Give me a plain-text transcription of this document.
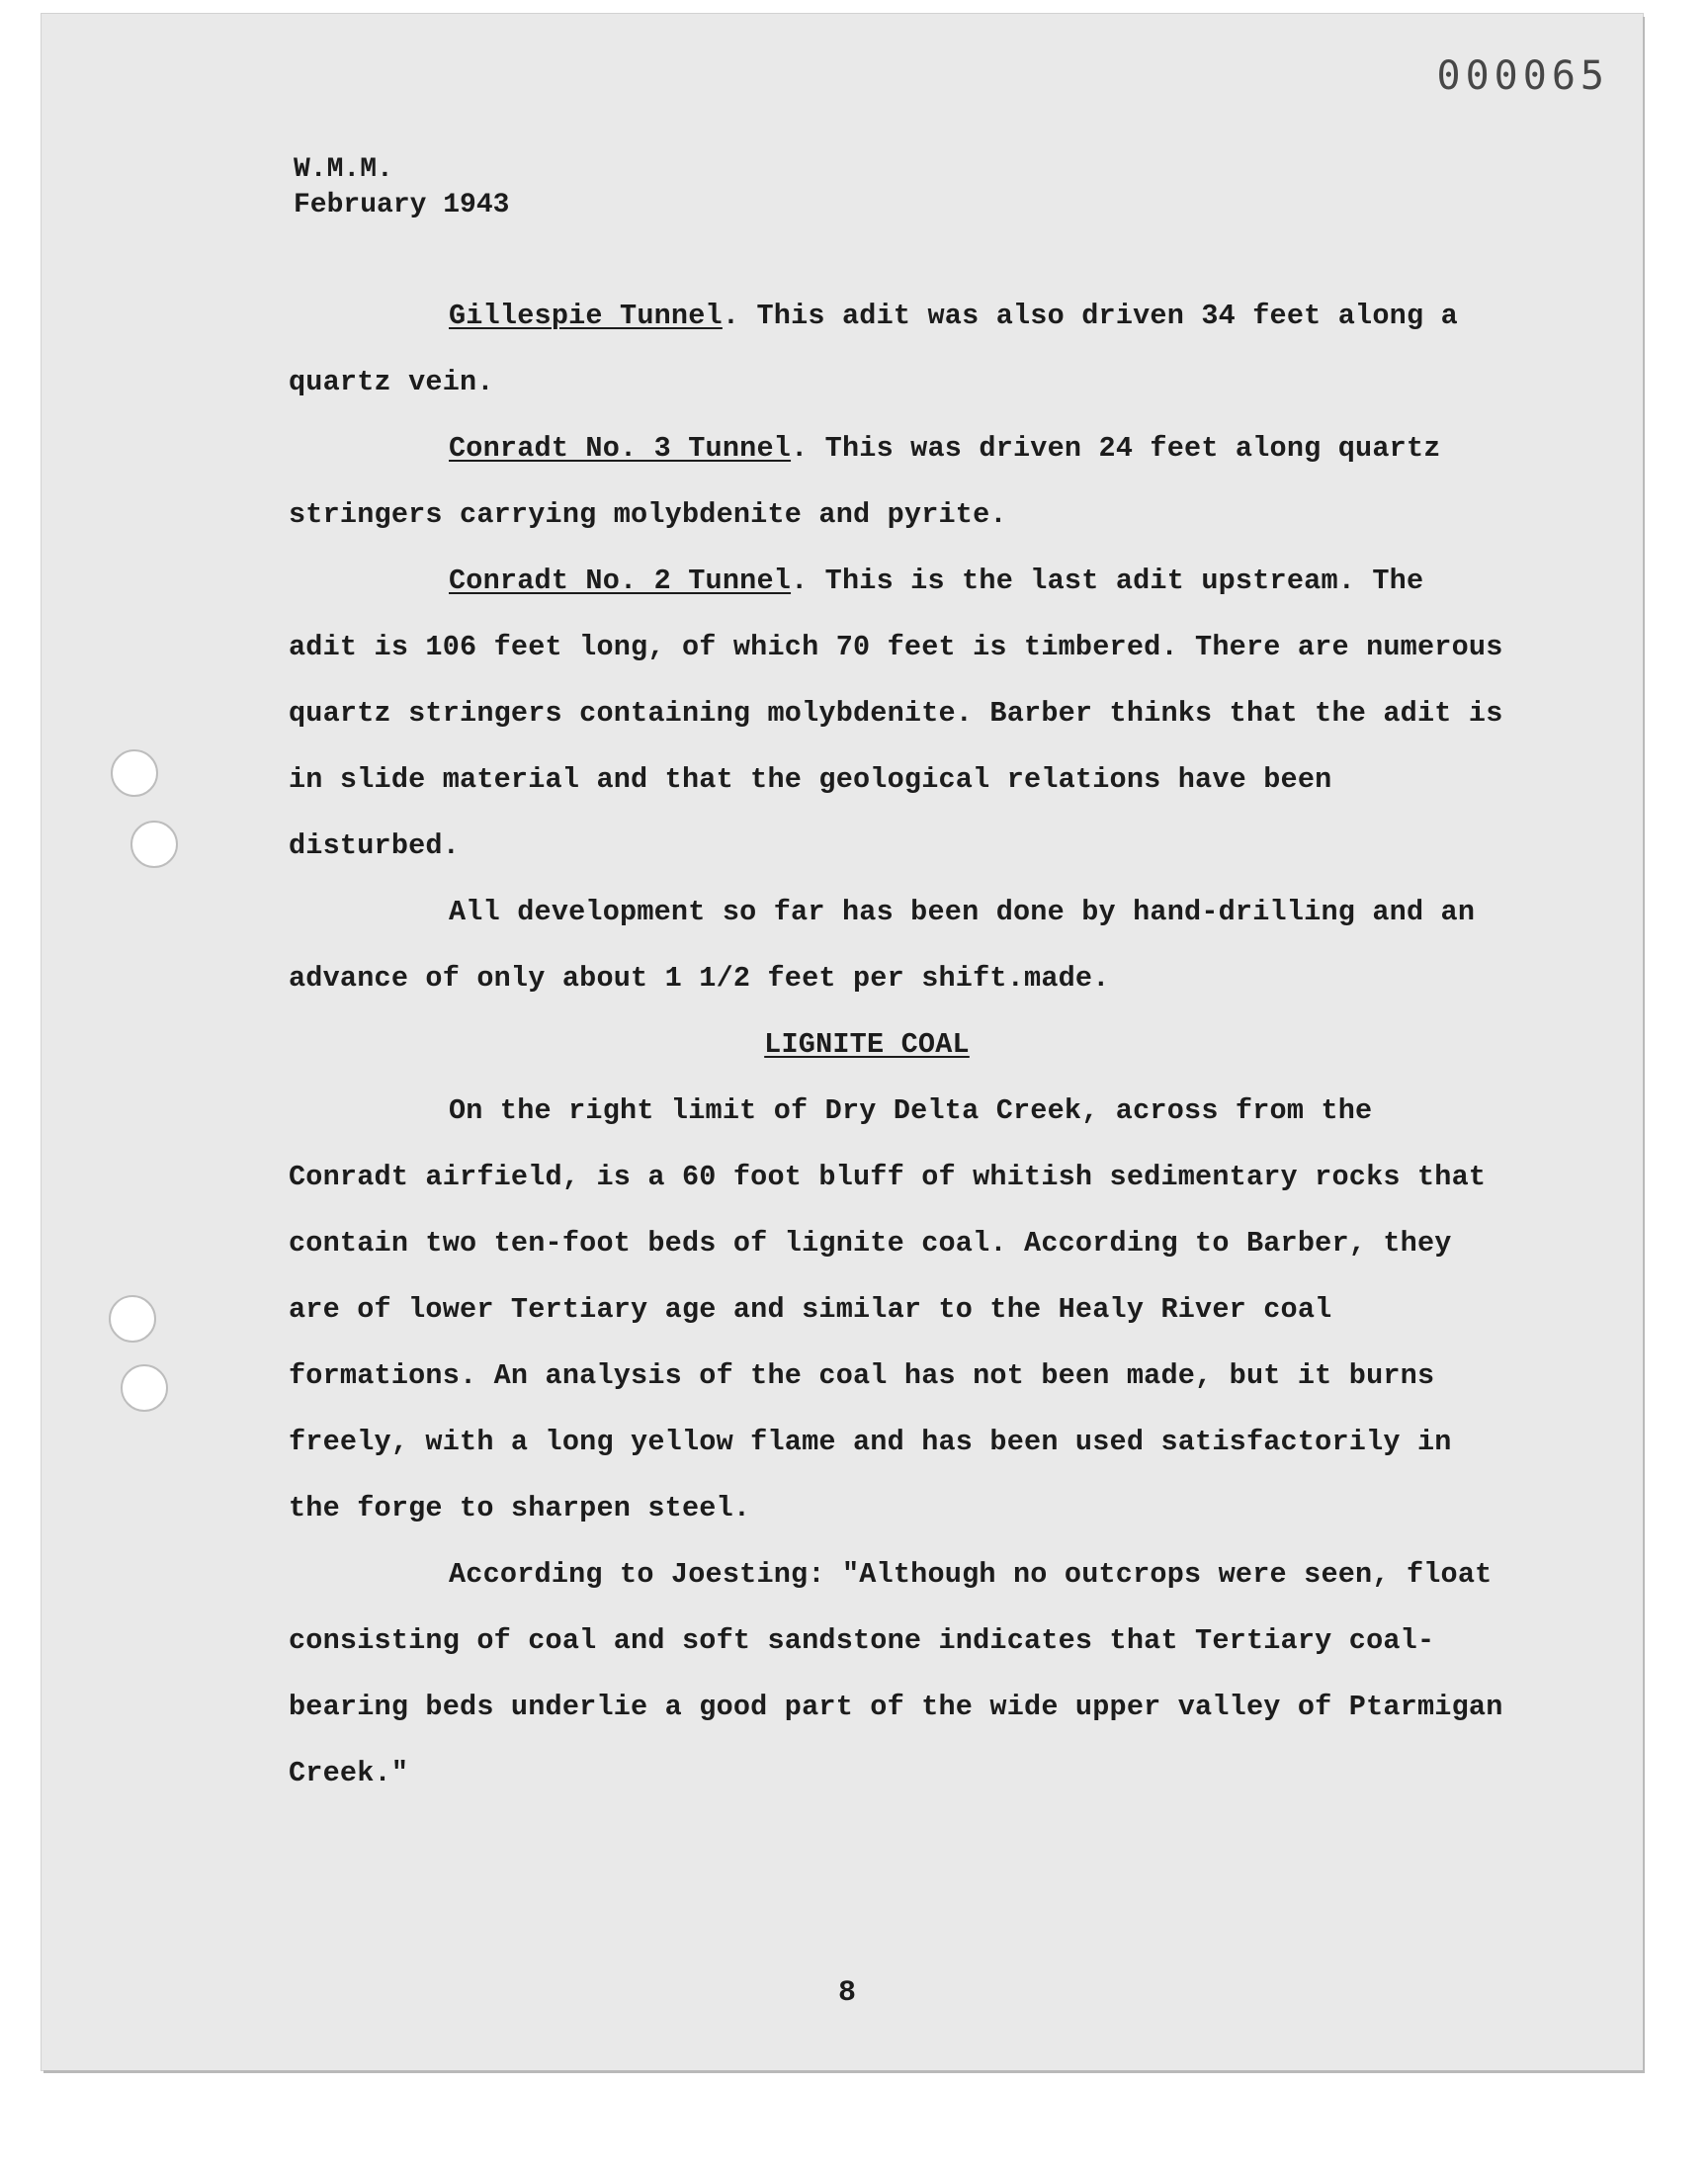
000065
W.M.M.
February 1943

Gillespie Tunnel. This adit was also driven 34 feet along a quartz vein.

Conradt No. 3 Tunnel. This was driven 24 feet along quartz stringers carrying molybdenite and pyrite.

Conradt No. 2 Tunnel. This is the last adit upstream. The adit is 106 feet long, of which 70 feet is timbered. There are numerous quartz stringers containing molybdenite. Barber thinks that the adit is in slide material and that the geological relations have been disturbed.

All development so far has been done by hand-drilling and an advance of only about 1 1/2 feet per shift.made.

LIGNITE COAL

On the right limit of Dry Delta Creek, across from the Conradt airfield, is a 60 foot bluff of whitish sedimentary rocks that contain two ten-foot beds of lignite coal. According to Barber, they are of lower Tertiary age and similar to the Healy River coal formations. An analysis of the coal has not been made, but it burns freely, with a long yellow flame and has been used satisfactorily in the forge to sharpen steel.

According to Joesting: "Although no outcrops were seen, float consisting of coal and soft sandstone indicates that Tertiary coal-bearing beds underlie a good part of the wide upper valley of Ptarmigan Creek."

8
